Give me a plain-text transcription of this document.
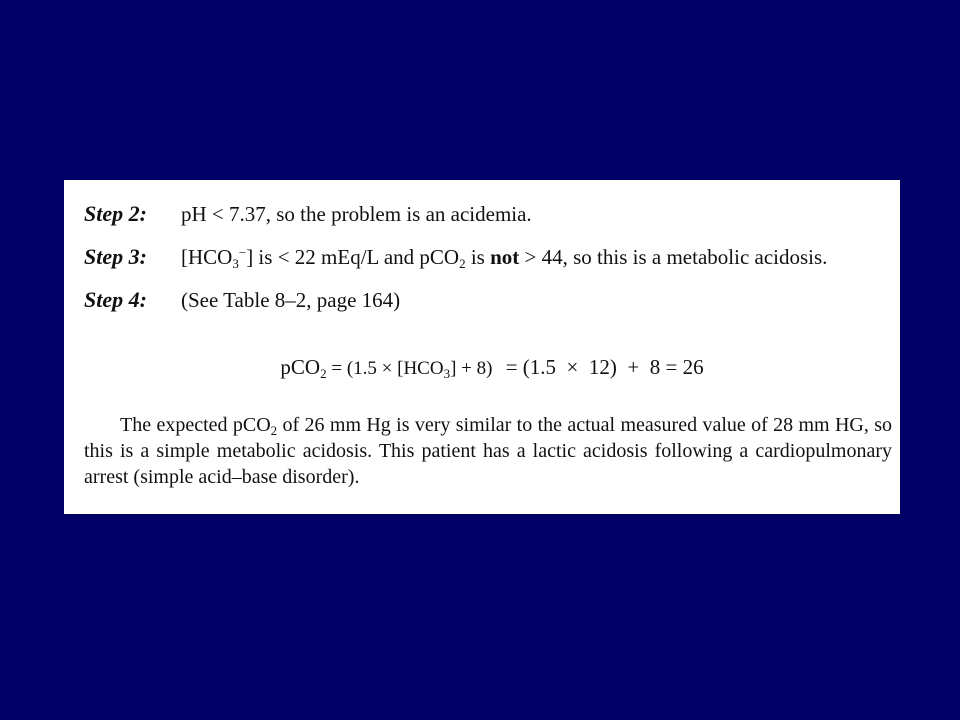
Step 2: pH < 7.37, so the problem is an acidemia.
Step 3: $[HCO_3^-]$ is < 22 mEq/L and pCO$_2$ is not > 44, so this is a metabolic acidosis.
Step 4: (See Table 8–2, page 164)
$pCO_2 = (1.5 \times [HCO_3] + 8) = (1.5 \times 12) + 8 = 26$
The expected pCO$_2$ of 26 mm Hg is very similar to the actual measured value of 28 mm HG, so this is a simple metabolic acidosis. This patient has a lactic acidosis following a cardiopulmonary arrest (simple acid–base disorder).
